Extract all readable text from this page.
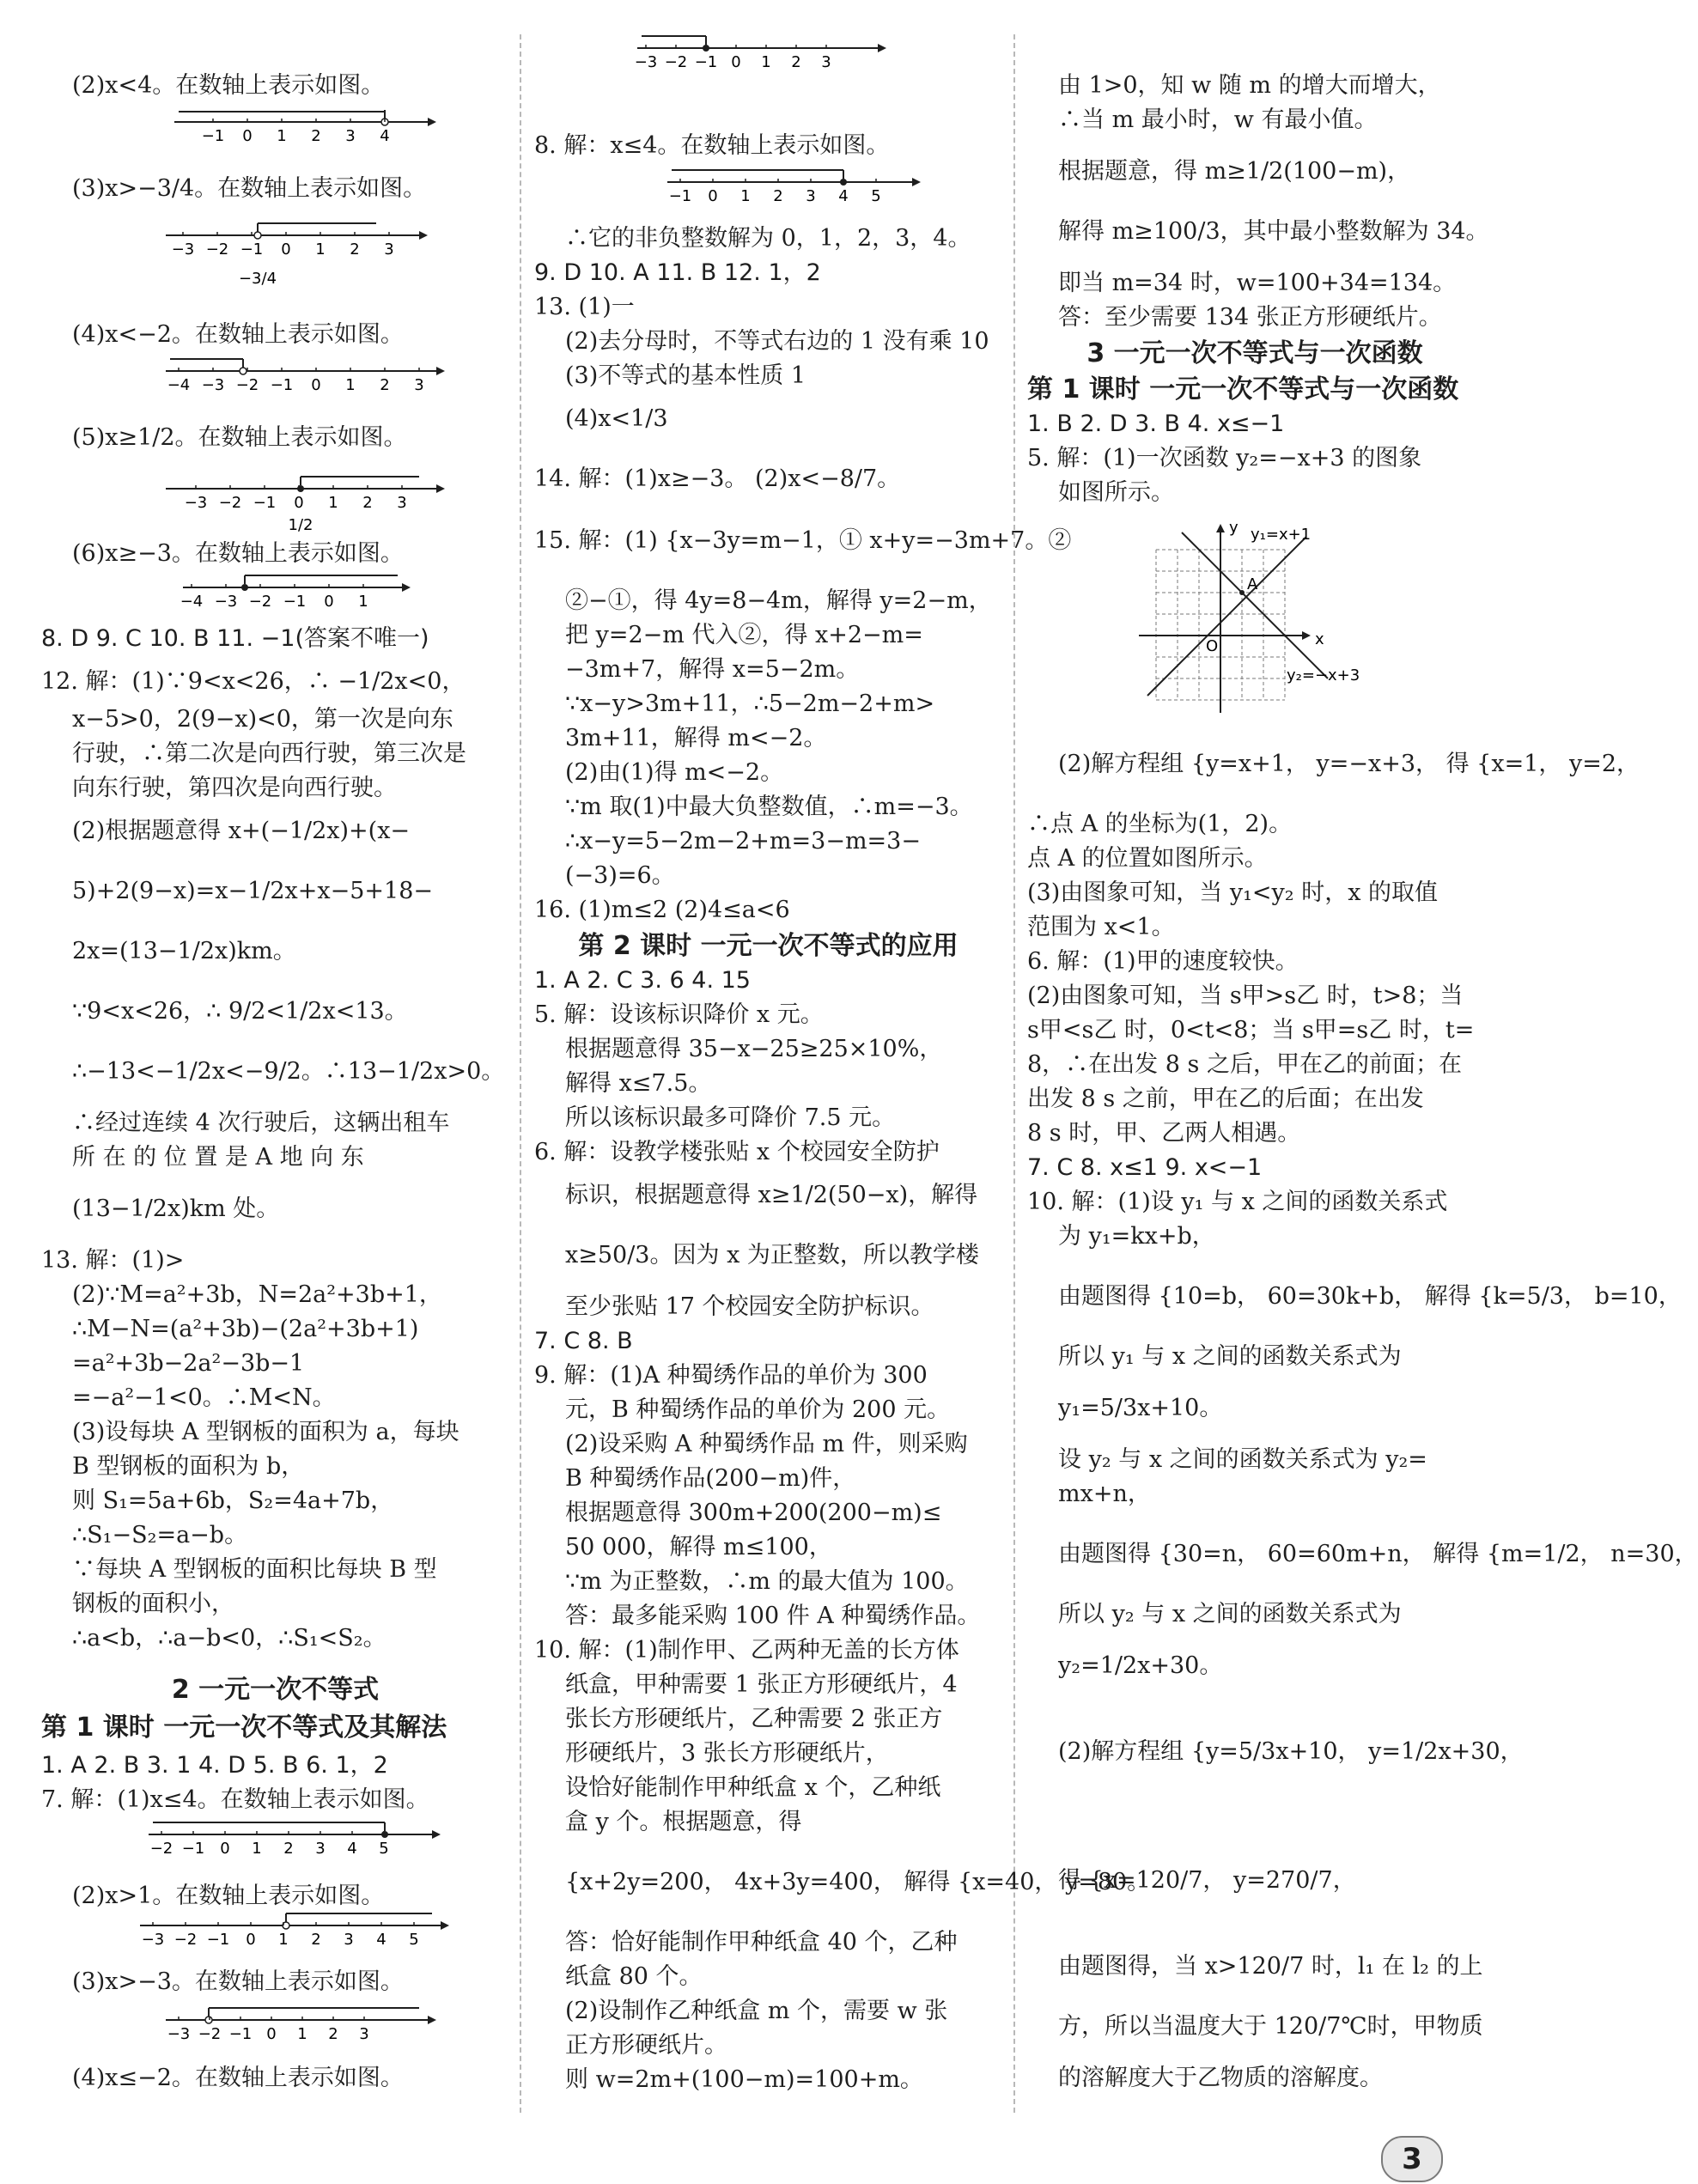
(2)x<4。在数轴上表示如图。
−1 0 1 2 3 4
(3)x>−3/4。在数轴上表示如图。
−3/4
−3 −2 −1 0 1 2 3
(4)x<−2。在数轴上表示如图。
−4 −3 −2 −1 0 1 2 3
(5)x≥1/2。在数轴上表示如图。
1/2
−3 −2 −1 0 1 2 3
(6)x≥−3。在数轴上表示如图。
−4 −3 −2 −1 0 1
8. D 9. C 10. B 11. −1(答案不唯一)
12. 解：(1)∵9<x<26，∴ −1/2x<0，
x−5>0，2(9−x)<0，第一次是向东
行驶，∴第二次是向西行驶，第三次是
向东行驶，第四次是向西行驶。
(2)根据题意得 x+(−1/2x)+(x−
5)+2(9−x)=x−1/2x+x−5+18−
2x=(13−1/2x)km。
∵9<x<26，∴ 9/2<1/2x<13。
∴−13<−1/2x<−9/2。∴13−1/2x>0。
∴经过连续 4 次行驶后，这辆出租车
所 在 的 位 置 是 A 地 向 东
(13−1/2x)km 处。
13. 解：(1)>
(2)∵M=a²+3b，N=2a²+3b+1，
∴M−N=(a²+3b)−(2a²+3b+1)
=a²+3b−2a²−3b−1
=−a²−1<0。∴M<N。
(3)设每块 A 型钢板的面积为 a，每块
B 型钢板的面积为 b，
则 S₁=5a+6b，S₂=4a+7b，
∴S₁−S₂=a−b。
∵每块 A 型钢板的面积比每块 B 型
钢板的面积小，
∴a<b，∴a−b<0，∴S₁<S₂。
2 一元一次不等式
第 1 课时 一元一次不等式及其解法
1. A 2. B 3. 1 4. D 5. B 6. 1，2
7. 解：(1)x≤4。在数轴上表示如图。
−2 −1 0 1 2 3 4 5
(2)x>1。在数轴上表示如图。
−3 −2 −1 0 1 2 3 4 5
(3)x>−3。在数轴上表示如图。
−3 −2 −1 0 1 2 3
(4)x≤−2。在数轴上表示如图。
−3 −2 −1 0 1 2 3
8. 解：x≤4。在数轴上表示如图。
−1 0 1 2 3 4 5
∴它的非负整数解为 0，1，2，3，4。
9. D 10. A 11. B 12. 1，2
13. (1)一
(2)去分母时，不等式右边的 1 没有乘 10
(3)不等式的基本性质 1
(4)x<1/3
14. 解：(1)x≥−3。 (2)x<−8/7。
15. 解：(1) {x−3y=m−1，① x+y=−3m+7。②
②−①，得 4y=8−4m，解得 y=2−m，
把 y=2−m 代入②，得 x+2−m=
−3m+7，解得 x=5−2m。
∵x−y>3m+11，∴5−2m−2+m>
3m+11，解得 m<−2。
(2)由(1)得 m<−2。
∵m 取(1)中最大负整数值，∴m=−3。
∴x−y=5−2m−2+m=3−m=3−
(−3)=6。
16. (1)m≤2 (2)4≤a<6
第 2 课时 一元一次不等式的应用
1. A 2. C 3. 6 4. 15
5. 解：设该标识降价 x 元。
根据题意得 35−x−25≥25×10%，
解得 x≤7.5。
所以该标识最多可降价 7.5 元。
6. 解：设教学楼张贴 x 个校园安全防护
标识，根据题意得 x≥1/2(50−x)，解得
x≥50/3。因为 x 为正整数，所以教学楼
至少张贴 17 个校园安全防护标识。
7. C 8. B
9. 解：(1)A 种蜀绣作品的单价为 300
元，B 种蜀绣作品的单价为 200 元。
(2)设采购 A 种蜀绣作品 m 件，则采购
B 种蜀绣作品(200−m)件，
根据题意得 300m+200(200−m)≤
50 000，解得 m≤100，
∵m 为正整数，∴m 的最大值为 100。
答：最多能采购 100 件 A 种蜀绣作品。
10. 解：(1)制作甲、乙两种无盖的长方体
纸盒，甲种需要 1 张正方形硬纸片，4
张长方形硬纸片，乙种需要 2 张正方
形硬纸片，3 张长方形硬纸片，
设恰好能制作甲种纸盒 x 个，乙种纸
盒 y 个。根据题意，得
{x+2y=200， 4x+3y=400， 解得 {x=40， y=80。
答：恰好能制作甲种纸盒 40 个，乙种
纸盒 80 个。
(2)设制作乙种纸盒 m 个，需要 w 张
正方形硬纸片。
则 w=2m+(100−m)=100+m。
由 1>0，知 w 随 m 的增大而增大，
∴当 m 最小时，w 有最小值。
根据题意，得 m≥1/2(100−m)，
解得 m≥100/3，其中最小整数解为 34。
即当 m=34 时，w=100+34=134。
答：至少需要 134 张正方形硬纸片。
3 一元一次不等式与一次函数
第 1 课时 一元一次不等式与一次函数
1. B 2. D 3. B 4. x≤−1
5. 解：(1)一次函数 y₂=−x+3 的图象
如图所示。
y
x
O
A
y₁=x+1
y₂=−x+3
(2)解方程组 {y=x+1， y=−x+3， 得 {x=1， y=2，
∴点 A 的坐标为(1，2)。
点 A 的位置如图所示。
(3)由图象可知，当 y₁<y₂ 时，x 的取值
范围为 x<1。
6. 解：(1)甲的速度较快。
(2)由图象可知，当 s甲>s乙 时，t>8；当
s甲<s乙 时，0<t<8；当 s甲=s乙 时，t=
8，∴在出发 8 s 之后，甲在乙的前面；在
出发 8 s 之前，甲在乙的后面；在出发
8 s 时，甲、乙两人相遇。
7. C 8. x≤1 9. x<−1
10. 解：(1)设 y₁ 与 x 之间的函数关系式
为 y₁=kx+b，
由题图得 {10=b， 60=30k+b， 解得 {k=5/3， b=10，
所以 y₁ 与 x 之间的函数关系式为
y₁=5/3x+10。
设 y₂ 与 x 之间的函数关系式为 y₂=
mx+n，
由题图得 {30=n， 60=60m+n， 解得 {m=1/2， n=30，
所以 y₂ 与 x 之间的函数关系式为
y₂=1/2x+30。
(2)解方程组 {y=5/3x+10， y=1/2x+30，
得 {x=120/7， y=270/7，
由题图得，当 x>120/7 时，l₁ 在 l₂ 的上
方，所以当温度大于 120/7℃时，甲物质
的溶解度大于乙物质的溶解度。
3
